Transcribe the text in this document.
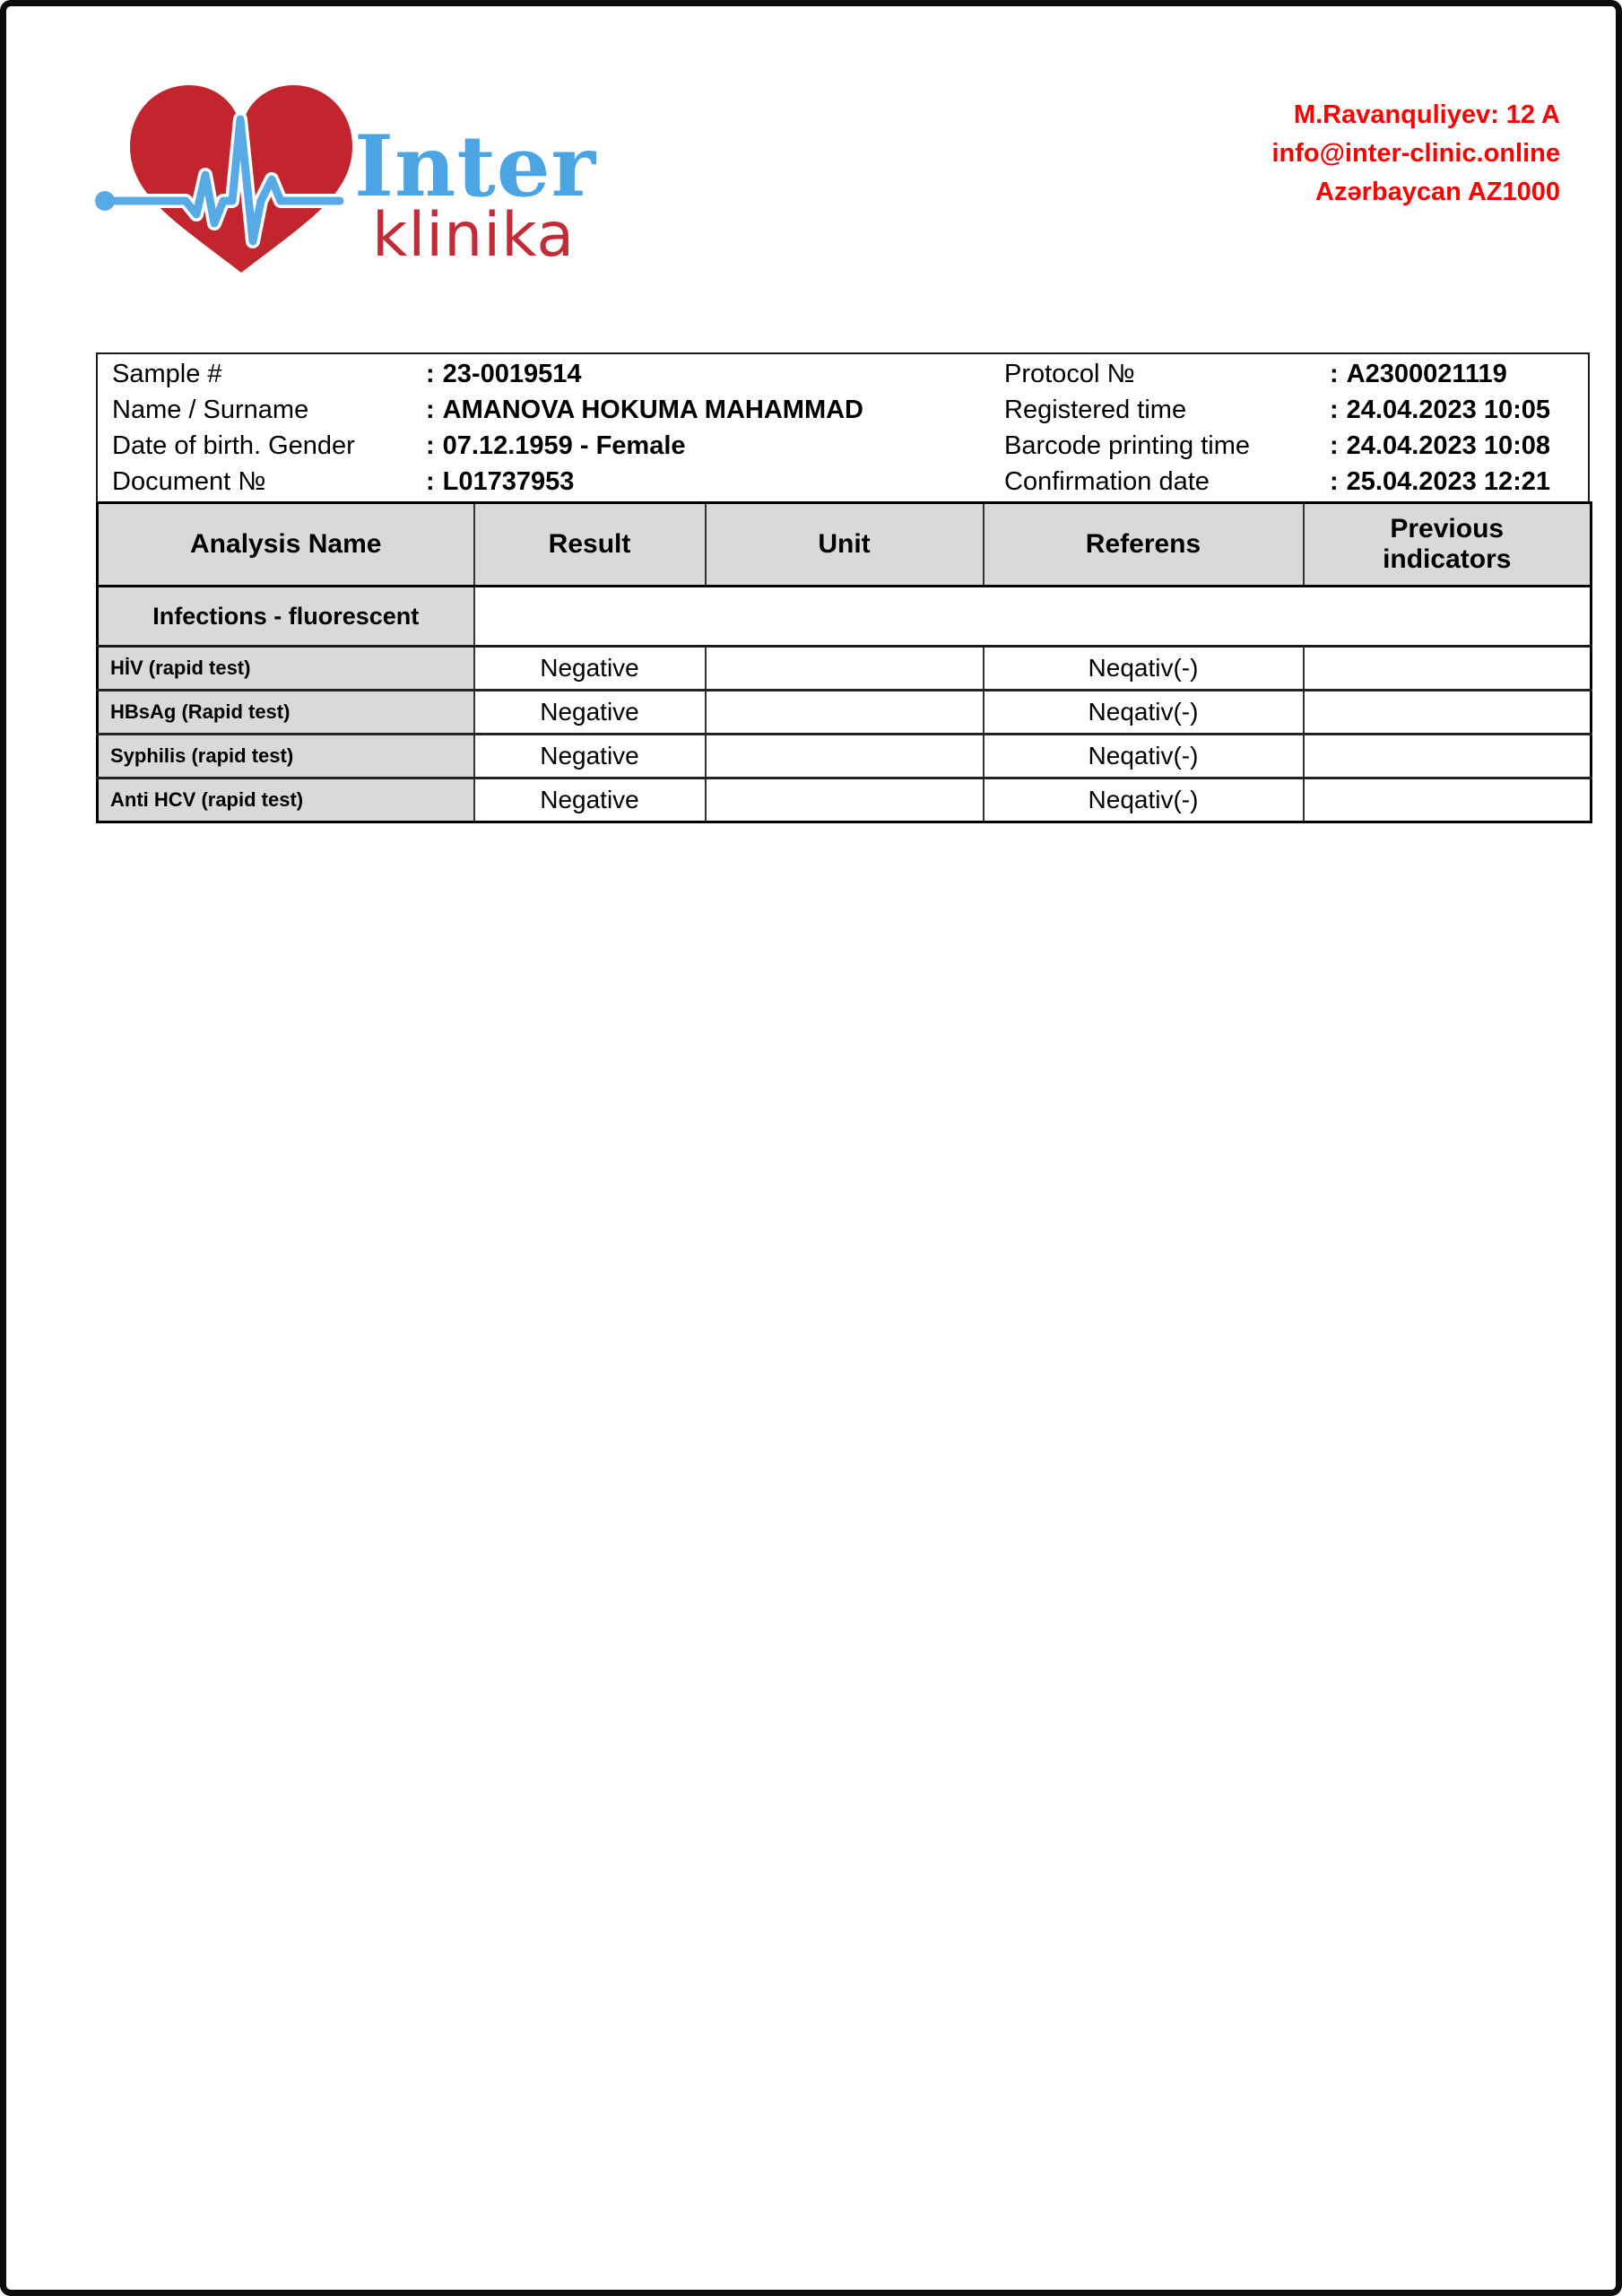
Inter
klinika
M.Ravanquliyev: 12 A
info@inter-clinic.online
Azərbaycan AZ1000
Sample #	: 23-0019514	Protocol №	: A2300021119
Name / Surname	: AMANOVA HOKUMA MAHAMMAD	Registered time	: 24.04.2023 10:05
Date of birth. Gender	: 07.12.1959 - Female	Barcode printing time	: 24.04.2023 10:08
Document №	: L01737953	Confirmation date	: 25.04.2023 12:21
Analysis Name	Result	Unit	Referens	Previous indicators
Infections - fluorescent				
HİV (rapid test)	Negative		Neqativ(-)	
HBsAg (Rapid test)	Negative		Neqativ(-)	
Syphilis (rapid test)	Negative		Neqativ(-)	
Anti HCV (rapid test)	Negative		Neqativ(-)	
